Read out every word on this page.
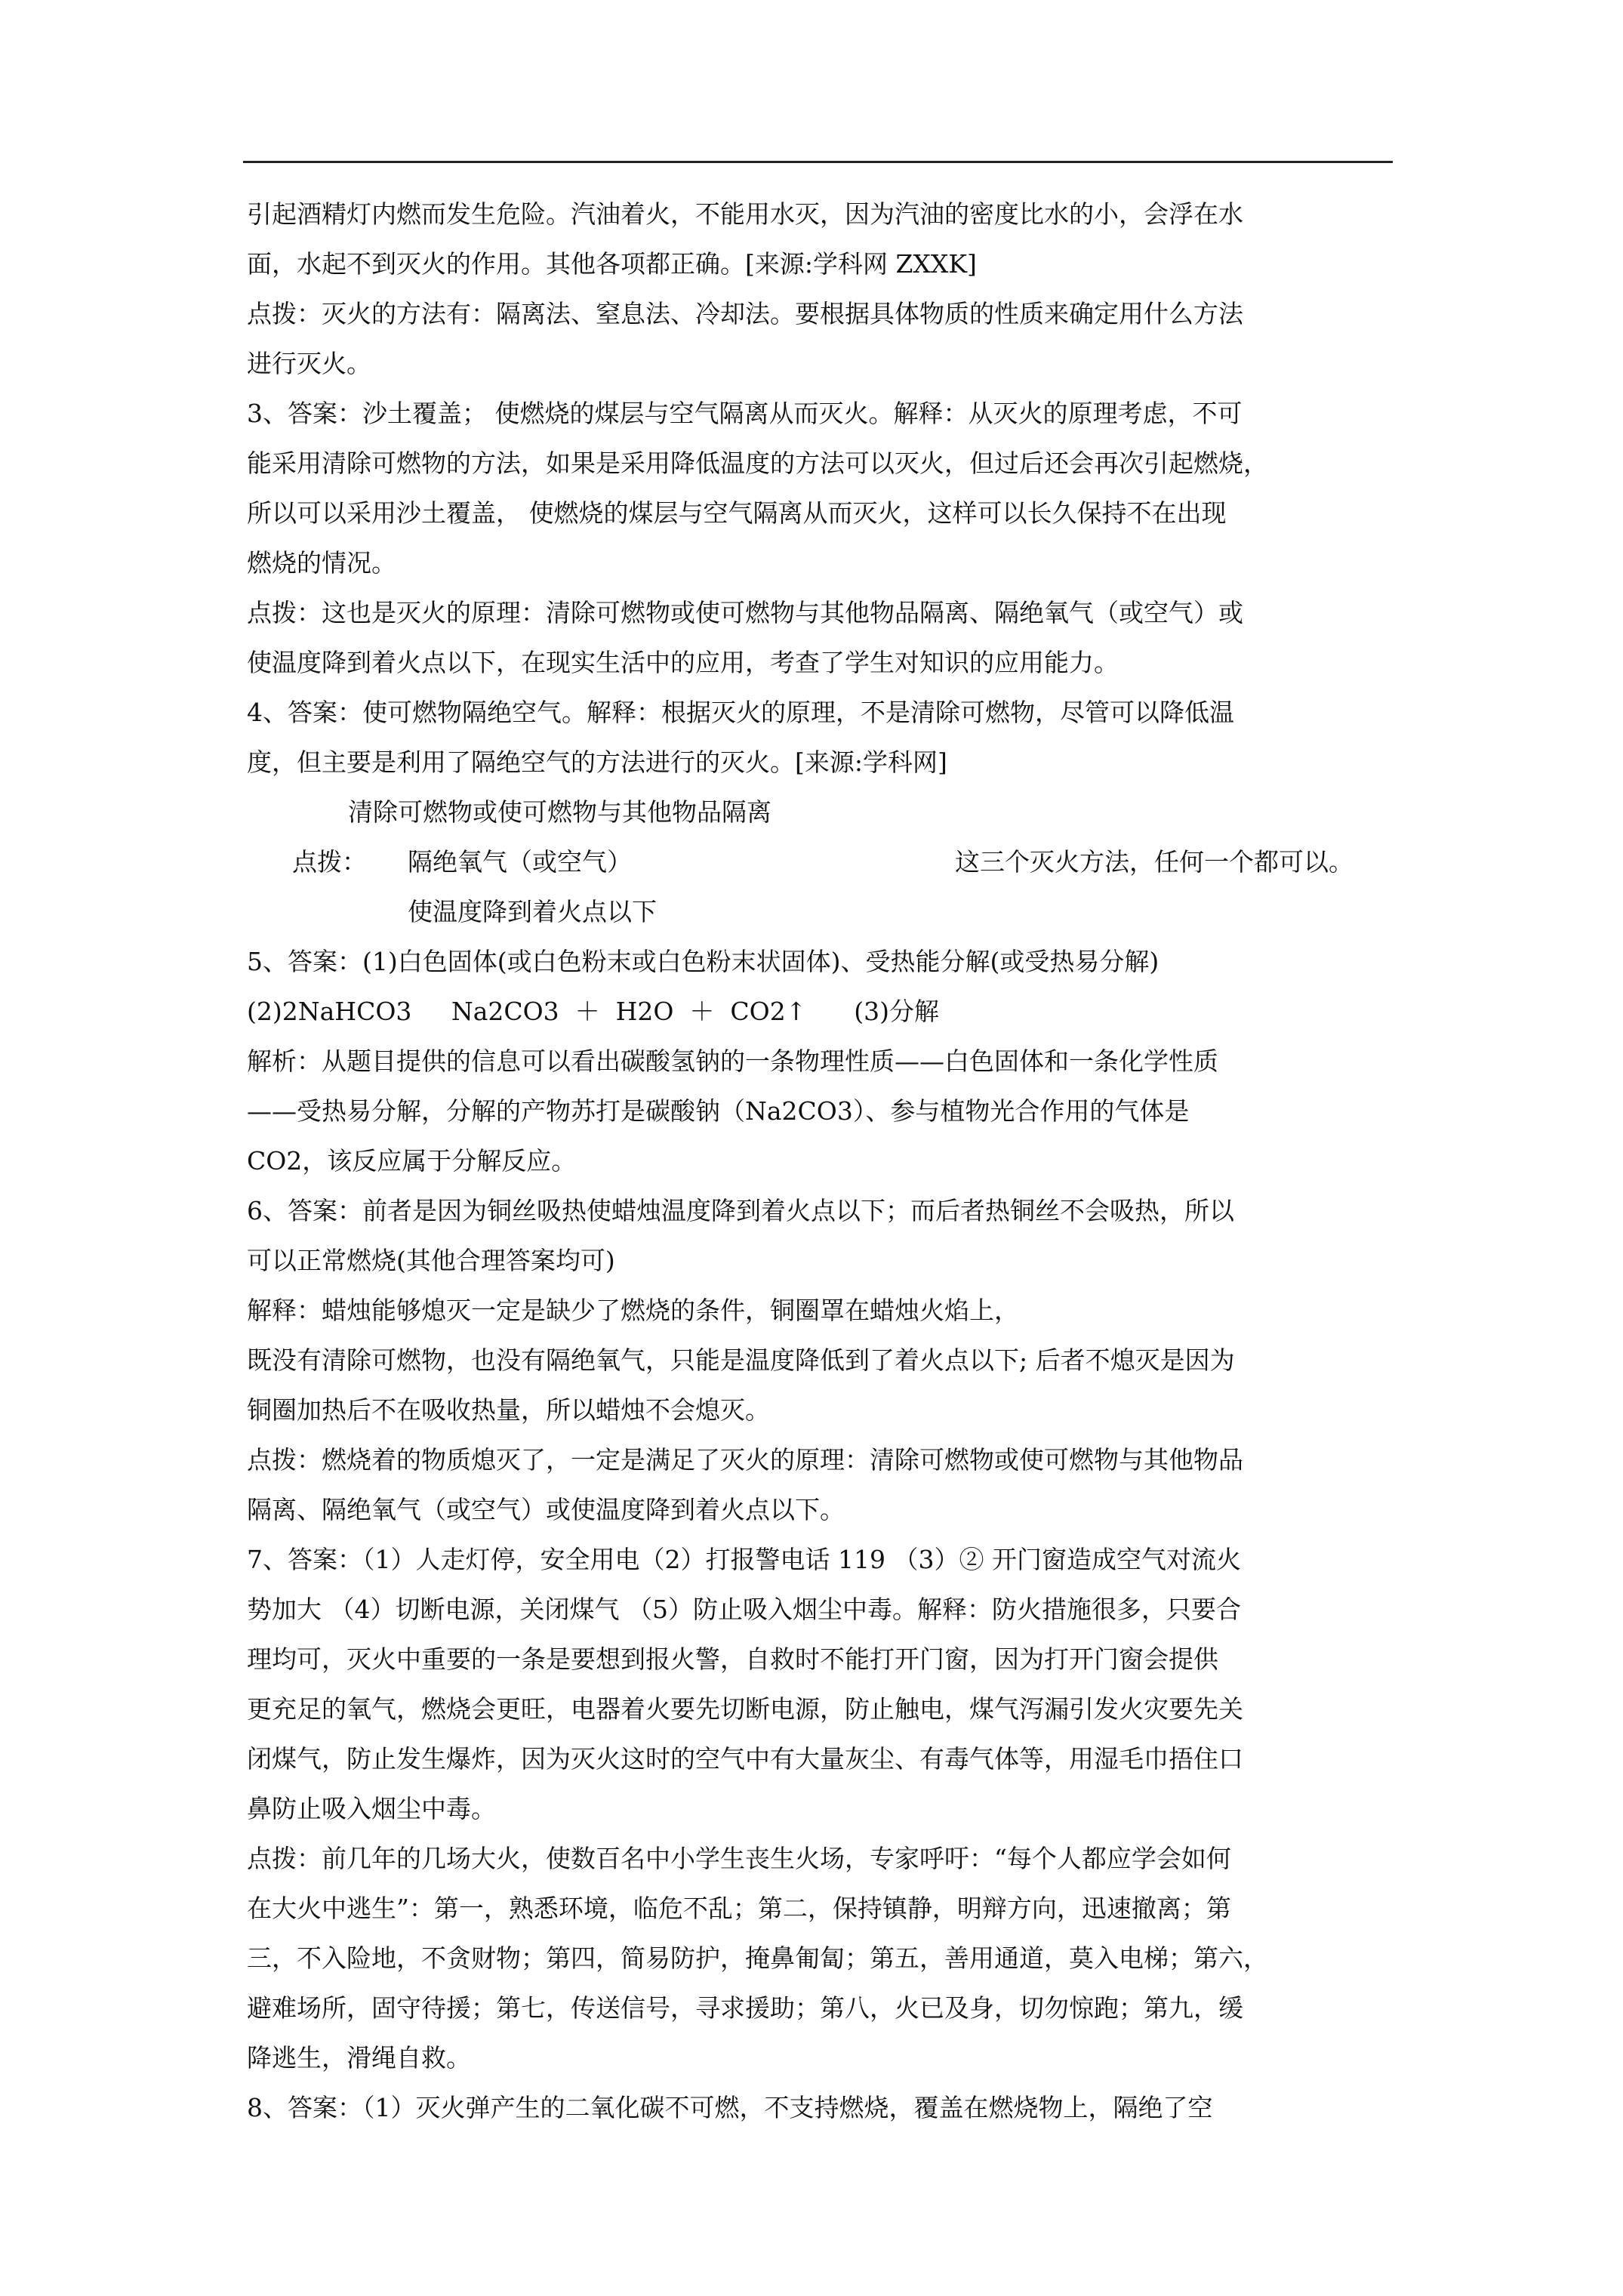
引起酒精灯内燃而发生危险。汽油着火，不能用水灭，因为汽油的密度比水的小，会浮在水
面，水起不到灭火的作用。其他各项都正确。[来源:学科网 ZXXK]
点拨：灭火的方法有：隔离法、窒息法、冷却法。要根据具体物质的性质来确定用什么方法
进行灭火。
3、答案：沙土覆盖； 使燃烧的煤层与空气隔离从而灭火。解释：从灭火的原理考虑，不可
能采用清除可燃物的方法，如果是采用降低温度的方法可以灭火，但过后还会再次引起燃烧，
所以可以采用沙土覆盖， 使燃烧的煤层与空气隔离从而灭火，这样可以长久保持不在出现
燃烧的情况。
点拨：这也是灭火的原理：清除可燃物或使可燃物与其他物品隔离、隔绝氧气（或空气）或
使温度降到着火点以下，在现实生活中的应用，考查了学生对知识的应用能力。
4、答案：使可燃物隔绝空气。解释：根据灭火的原理，不是清除可燃物，尽管可以降低温
度，但主要是利用了隔绝空气的方法进行的灭火。[来源:学科网]
清除可燃物或使可燃物与其他物品隔离
点拨： 隔绝氧气（或空气）	这三个灭火方法，任何一个都可以。
使温度降到着火点以下
5、答案：(1)白色固体(或白色粉末或白色粉末状固体)、受热能分解(或受热易分解)
(2)2NaHCO3     Na2CO3  ＋  H2O  ＋  CO2↑      (3)分解
解析：从题目提供的信息可以看出碳酸氢钠的一条物理性质——白色固体和一条化学性质
——受热易分解，分解的产物苏打是碳酸钠（Na2CO3）、参与植物光合作用的气体是
CO2，该反应属于分解反应。
6、答案：前者是因为铜丝吸热使蜡烛温度降到着火点以下；而后者热铜丝不会吸热，所以
可以正常燃烧(其他合理答案均可)
解释：蜡烛能够熄灭一定是缺少了燃烧的条件，铜圈罩在蜡烛火焰上，
既没有清除可燃物，也没有隔绝氧气，只能是温度降低到了着火点以下; 后者不熄灭是因为
铜圈加热后不在吸收热量，所以蜡烛不会熄灭。
点拨：燃烧着的物质熄灭了，一定是满足了灭火的原理：清除可燃物或使可燃物与其他物品
隔离、隔绝氧气（或空气）或使温度降到着火点以下。
7、答案：（1）人走灯停，安全用电（2）打报警电话 119 （3）② 开门窗造成空气对流火
势加大 （4）切断电源，关闭煤气 （5）防止吸入烟尘中毒。解释：防火措施很多，只要合
理均可，灭火中重要的一条是要想到报火警，自救时不能打开门窗，因为打开门窗会提供
更充足的氧气，燃烧会更旺，电器着火要先切断电源，防止触电，煤气泻漏引发火灾要先关
闭煤气，防止发生爆炸，因为灭火这时的空气中有大量灰尘、有毒气体等，用湿毛巾捂住口
鼻防止吸入烟尘中毒。
点拨：前几年的几场大火，使数百名中小学生丧生火场，专家呼吁：“每个人都应学会如何
在大火中逃生”：第一，熟悉环境，临危不乱；第二，保持镇静，明辩方向，迅速撤离；第
三，不入险地，不贪财物；第四，简易防护，掩鼻匍匐；第五，善用通道，莫入电梯；第六，
避难场所，固守待援；第七，传送信号，寻求援助；第八，火已及身，切勿惊跑；第九，缓
降逃生，滑绳自救。
8、答案：（1）灭火弹产生的二氧化碳不可燃，不支持燃烧，覆盖在燃烧物上，隔绝了空
